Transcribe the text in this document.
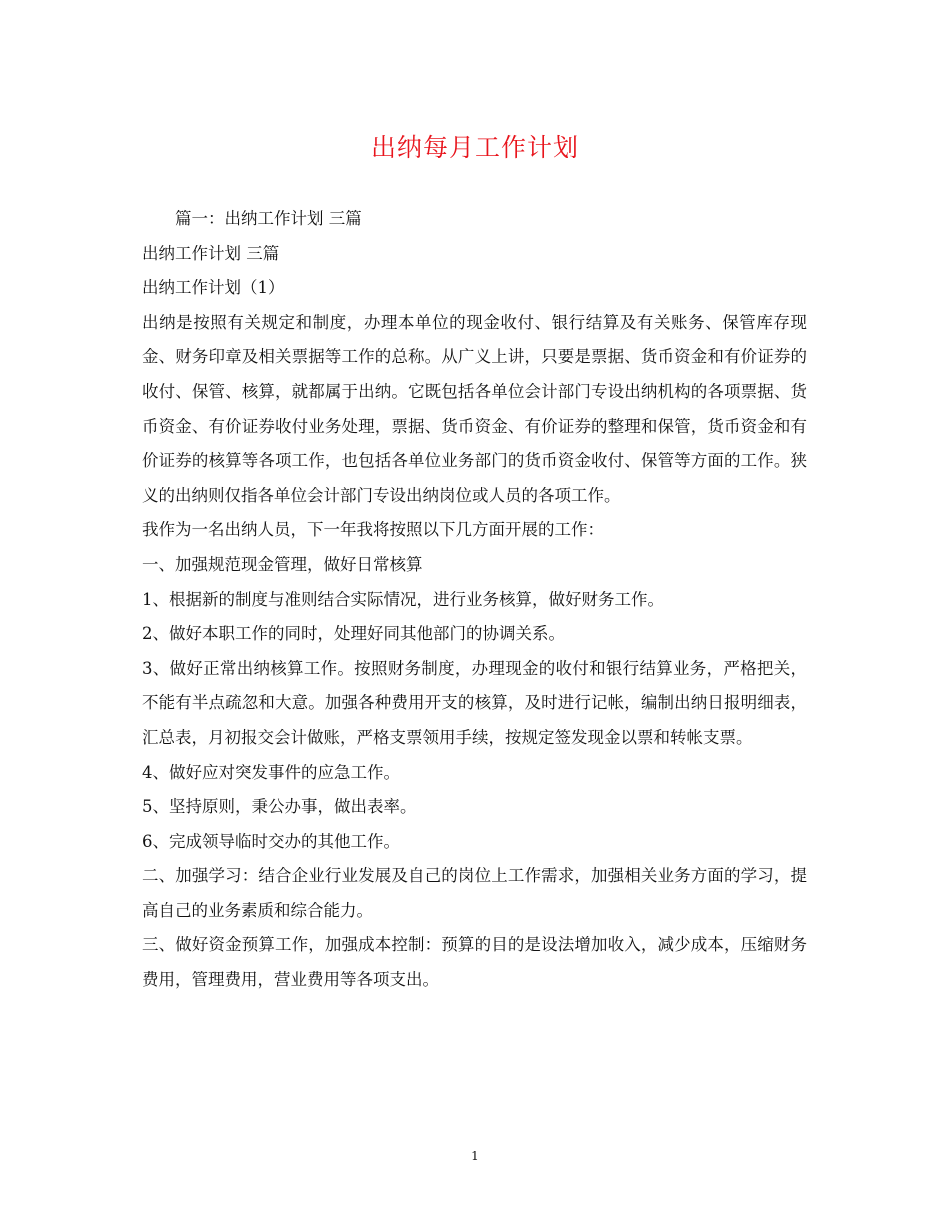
出纳每月工作计划

篇一：出纳工作计划 三篇

出纳工作计划 三篇

出纳工作计划（1）

出纳是按照有关规定和制度，办理本单位的现金收付、银行结算及有关账务、保管库存现金、财务印章及相关票据等工作的总称。从广义上讲，只要是票据、货币资金和有价证券的收付、保管、核算，就都属于出纳。它既包括各单位会计部门专设出纳机构的各项票据、货币资金、有价证券收付业务处理，票据、货币资金、有价证券的整理和保管，货币资金和有价证券的核算等各项工作，也包括各单位业务部门的货币资金收付、保管等方面的工作。狭义的出纳则仅指各单位会计部门专设出纳岗位或人员的各项工作。

我作为一名出纳人员，下一年我将按照以下几方面开展的工作：

一、加强规范现金管理，做好日常核算

1、根据新的制度与准则结合实际情况，进行业务核算，做好财务工作。

2、做好本职工作的同时，处理好同其他部门的协调关系。

3、做好正常出纳核算工作。按照财务制度，办理现金的收付和银行结算业务，严格把关，不能有半点疏忽和大意。加强各种费用开支的核算，及时进行记帐，编制出纳日报明细表，汇总表，月初报交会计做账，严格支票领用手续，按规定签发现金以票和转帐支票。

4、做好应对突发事件的应急工作。

5、坚持原则，秉公办事，做出表率。

6、完成领导临时交办的其他工作。

二、加强学习：结合企业行业发展及自己的岗位上工作需求，加强相关业务方面的学习，提高自己的业务素质和综合能力。

三、做好资金预算工作，加强成本控制：预算的目的是设法增加收入，减少成本，压缩财务费用，管理费用，营业费用等各项支出。

1
